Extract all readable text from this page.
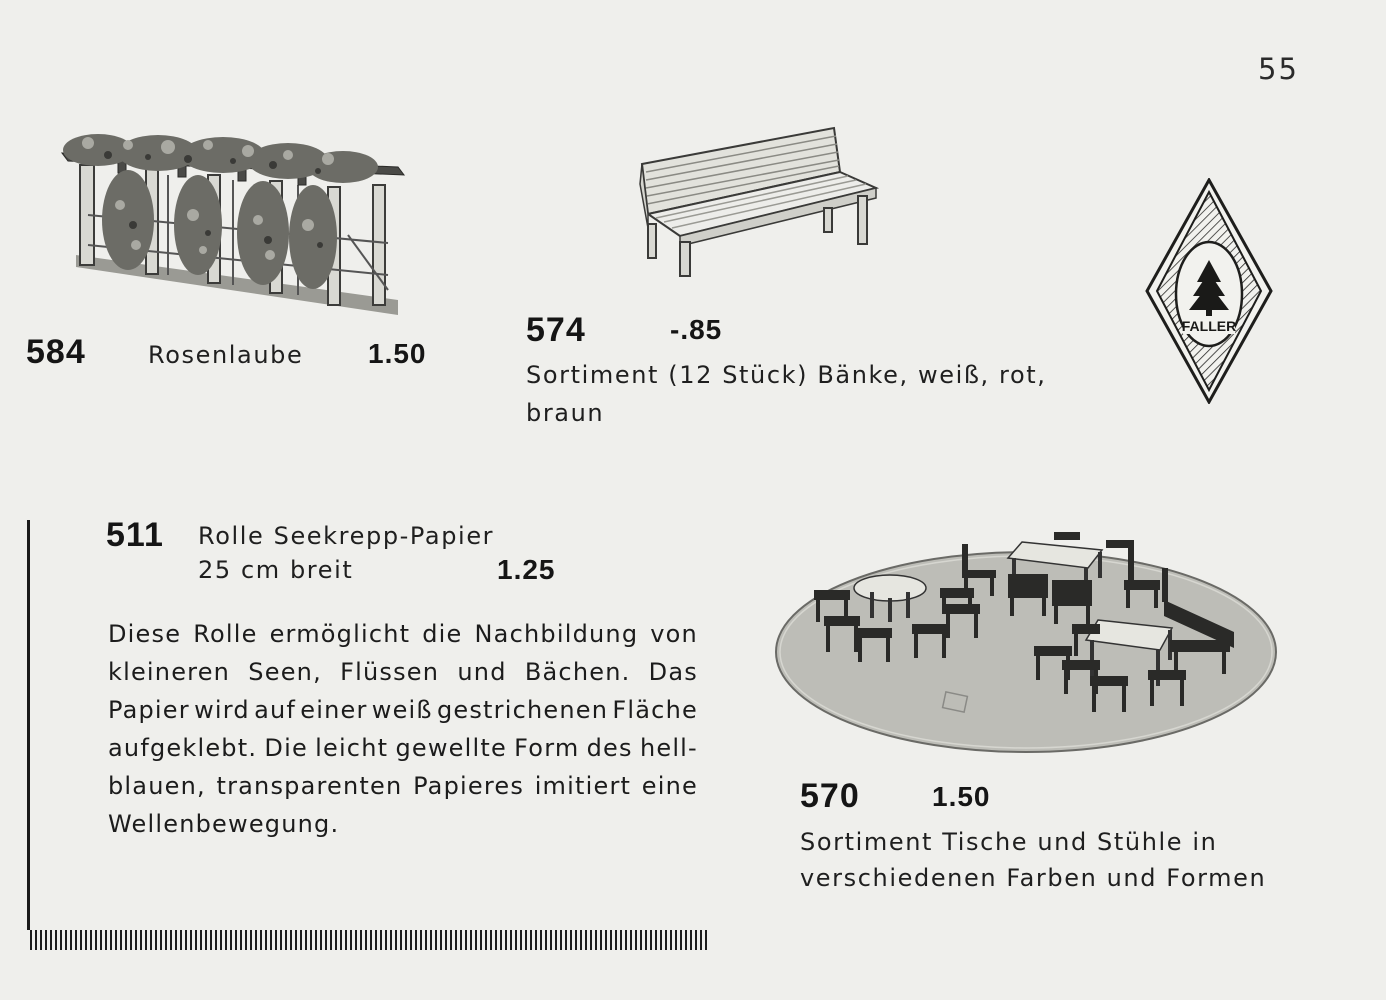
55
584	Rosenlaube 1.50
574	-.85
Sortiment (12 Stück) Bänke, weiß, rot,
braun
FALLER
511 Rolle Seekrepp-Papier
25 cm breit	1.25
Diese Rolle ermöglicht die Nachbildung von
kleineren Seen, Flüssen und Bächen. Das
Papier wird auf einer weiß gestrichenen Fläche
aufgeklebt. Die leicht gewellte Form des hell-
blauen, transparenten Papieres imitiert eine
Wellenbewegung.
570	1.50
Sortiment Tische und Stühle in
verschiedenen Farben und Formen
